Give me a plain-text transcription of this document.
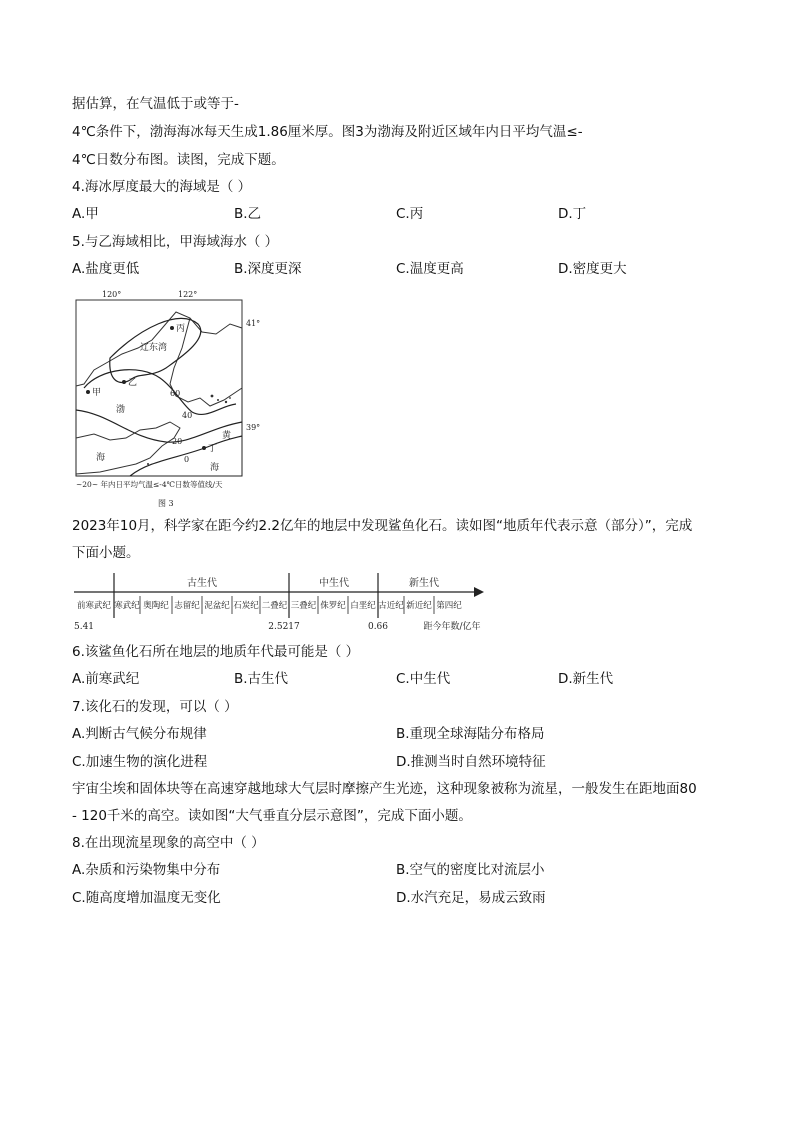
据估算，在气温低于或等于-
4℃条件下，渤海海冰每天生成1.86厘米厚。图3为渤海及附近区域年内日平均气温≤-
4℃日数分布图。读图，完成下题。
4.海冰厚度最大的海域是（ ）
A.甲	B.乙	C.丙	D.丁
5.与乙海域相比，甲海域海水（ ）
A.盐度更低	B.深度更深	C.温度更高	D.密度更大
120°	122°
41°
39°
丙
辽东湾
乙
甲
丁
渤
海
黄
海
60
40
20
0
~20~ 年内日平均气温≤-4℃日数等值线/天
图 3
2023年10月，科学家在距今约2.2亿年的地层中发现鲨鱼化石。读如图“地质年代表示意（部分）”，完成
下面小题。
古生代	中生代	新生代
前寒武纪 寒武纪 奥陶纪 志留纪 泥盆纪 石炭纪 二叠纪 三叠纪 侏罗纪 白垩纪 古近纪 新近纪 第四纪
5.41	2.5217	0.66	距今年数/亿年
6.该鲨鱼化石所在地层的地质年代最可能是（ ）
A.前寒武纪	B.古生代	C.中生代	D.新生代
7.该化石的发现，可以（ ）
A.判断古气候分布规律	B.重现全球海陆分布格局
C.加速生物的演化进程	D.推测当时自然环境特征
宇宙尘埃和固体块等在高速穿越地球大气层时摩擦产生光迹，这种现象被称为流星，一般发生在距地面80
- 120千米的高空。读如图“大气垂直分层示意图”，完成下面小题。
8.在出现流星现象的高空中（ ）
A.杂质和污染物集中分布	B.空气的密度比对流层小
C.随高度增加温度无变化	D.水汽充足，易成云致雨
